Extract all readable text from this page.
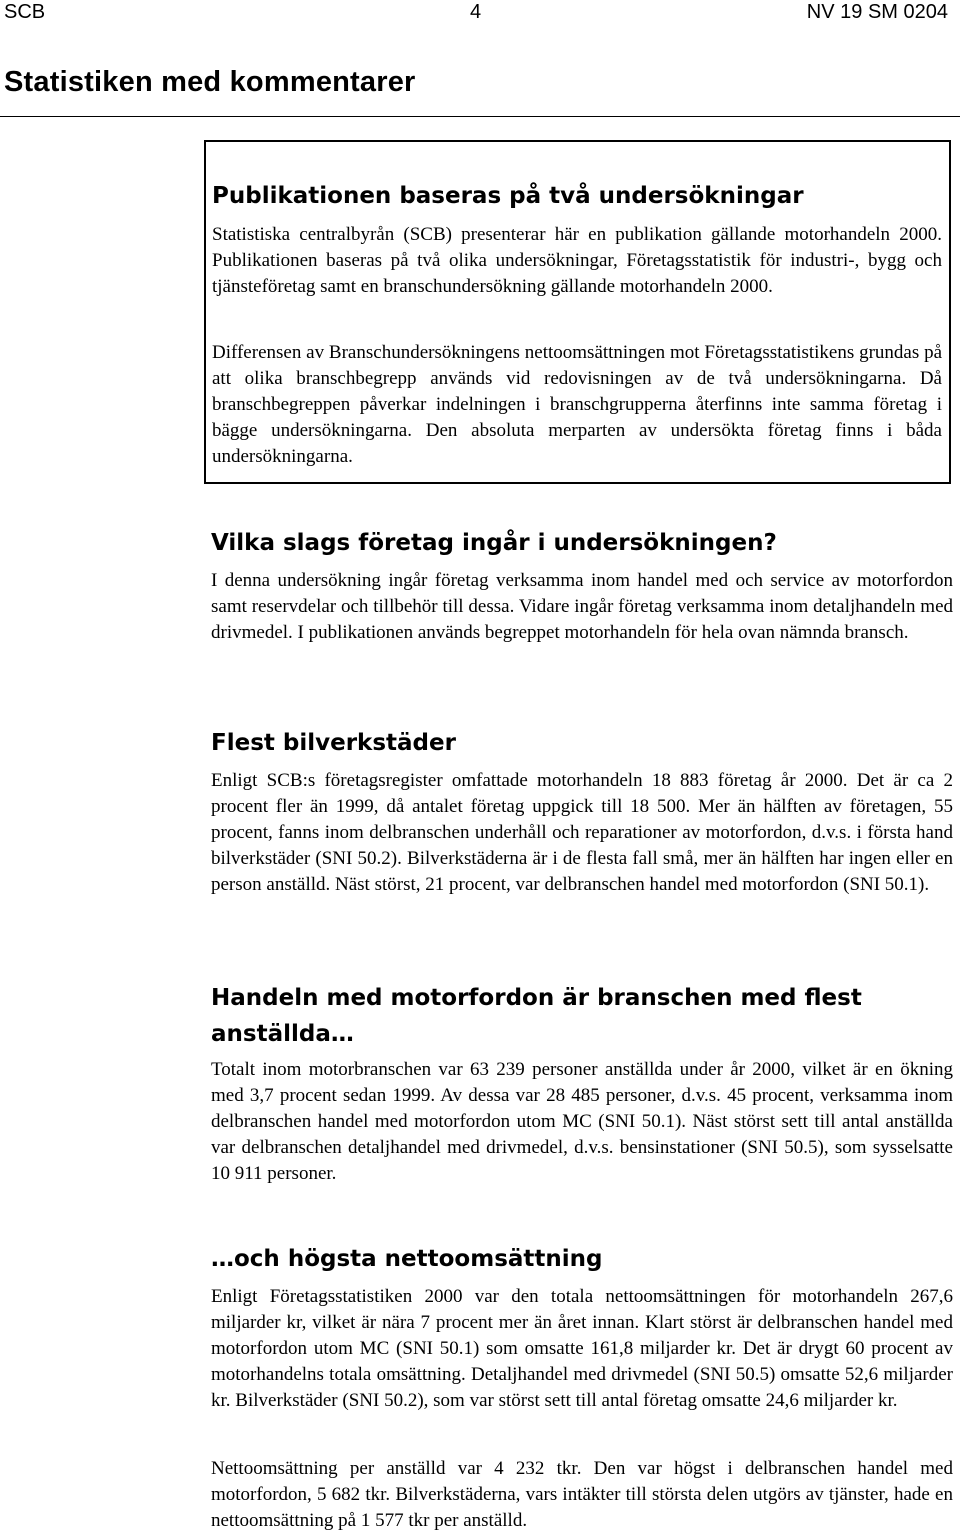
SCB	4	NV 19 SM 0204
Statistiken med kommentarer
Publikationen baseras på två undersökningar

Statistiska centralbyrån (SCB) presenterar här en publikation gällande motorhandeln 2000. Publikationen baseras på två olika undersökningar, Företagsstatistik för industri-, bygg och tjänsteföretag samt en branschundersökning gällande motorhandeln 2000.

Differensen av Branschundersökningens nettoomsättningen mot Företagsstatistikens grundas på att olika branschbegrepp används vid redovisningen av de två undersökningarna. Då branschbegreppen påverkar indelningen i branschgrupperna återfinns inte samma företag i bägge undersökningarna. Den absoluta merparten av undersökta företag finns i båda undersökningarna.

Vilka slags företag ingår i undersökningen?

I denna undersökning ingår företag verksamma inom handel med och service av motorfordon samt reservdelar och tillbehör till dessa. Vidare ingår företag verksamma inom detaljhandeln med drivmedel. I publikationen används begreppet motorhandeln för hela ovan nämnda bransch.

Flest bilverkstäder

Enligt SCB:s företagsregister omfattade motorhandeln 18 883 företag år 2000. Det är ca 2 procent fler än 1999, då antalet företag uppgick till 18 500. Mer än hälften av företagen, 55 procent, fanns inom delbranschen underhåll och reparationer av motorfordon, d.v.s. i första hand bilverkstäder (SNI 50.2). Bilverkstäderna är i de flesta fall små, mer än hälften har ingen eller en person anställd. Näst störst, 21 procent, var delbranschen handel med motorfordon (SNI 50.1).

Handeln med motorfordon är branschen med flest anställda…

Totalt inom motorbranschen var 63 239 personer anställda under år 2000, vilket är en ökning med 3,7 procent sedan 1999. Av dessa var 28 485 personer, d.v.s. 45 procent, verksamma inom delbranschen handel med motorfordon utom MC (SNI 50.1). Näst störst sett till antal anställda var delbranschen detaljhandel med drivmedel, d.v.s. bensinstationer (SNI 50.5), som sysselsatte 10 911 personer.

…och högsta nettoomsättning

Enligt Företagsstatistiken 2000 var den totala nettoomsättningen för motorhandeln 267,6 miljarder kr, vilket är nära 7 procent mer än året innan. Klart störst är delbranschen handel med motorfordon utom MC (SNI 50.1) som omsatte 161,8 miljarder kr. Det är drygt 60 procent av motorhandelns totala omsättning. Detaljhandel med drivmedel (SNI 50.5) omsatte 52,6 miljarder kr. Bilverkstäder (SNI 50.2), som var störst sett till antal företag omsatte 24,6 miljarder kr.

Nettoomsättning per anställd var 4 232 tkr. Den var högst i delbranschen handel med motorfordon, 5 682 tkr. Bilverkstäderna, vars intäkter till största delen utgörs av tjänster, hade en nettoomsättning på 1 577 tkr per anställd.
